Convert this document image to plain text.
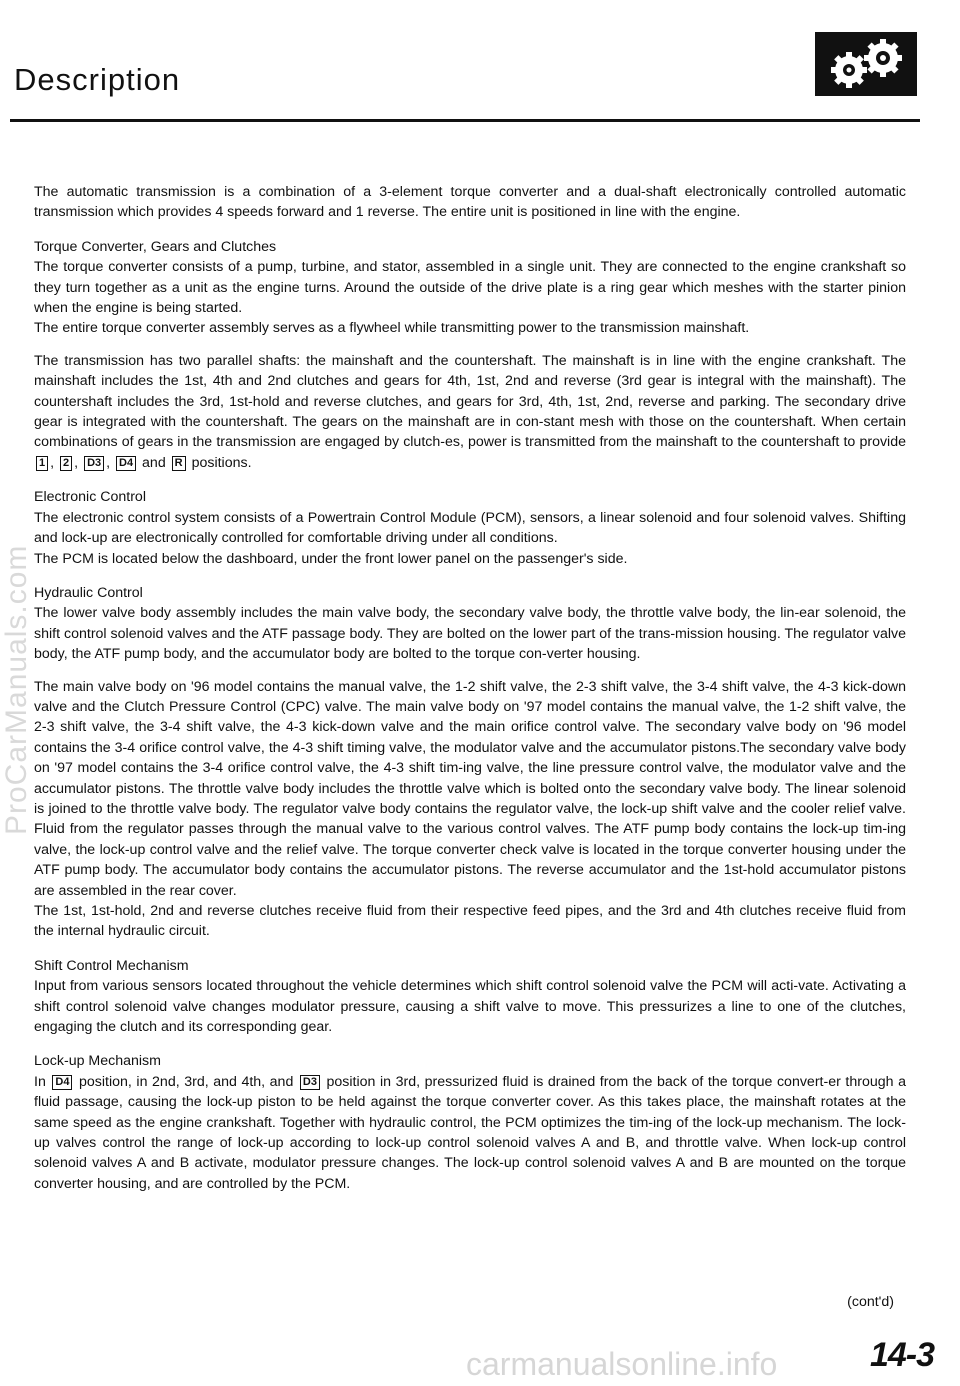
Description

The automatic transmission is a combination of a 3-element torque converter and a dual-shaft electronically controlled automatic transmission which provides 4 speeds forward and 1 reverse. The entire unit is positioned in line with the engine.

Torque Converter, Gears and Clutches

The torque converter consists of a pump, turbine, and stator, assembled in a single unit. They are connected to the engine crankshaft so they turn together as a unit as the engine turns. Around the outside of the drive plate is a ring gear which meshes with the starter pinion when the engine is being started.

The entire torque converter assembly serves as a flywheel while transmitting power to the transmission mainshaft.

The transmission has two parallel shafts: the mainshaft and the countershaft. The mainshaft is in line with the engine crankshaft. The mainshaft includes the 1st, 4th and 2nd clutches and gears for 4th, 1st, 2nd and reverse (3rd gear is integral with the mainshaft). The countershaft includes the 3rd, 1st-hold and reverse clutches, and gears for 3rd, 4th, 1st, 2nd, reverse and parking. The secondary drive gear is integrated with the countershaft. The gears on the mainshaft are in con-stant mesh with those on the countershaft. When certain combinations of gears in the transmission are engaged by clutch-es, power is transmitted from the mainshaft to the countershaft to provide 1 , 2 , D3 , D4 and R positions.

Electronic Control

The electronic control system consists of a Powertrain Control Module (PCM), sensors, a linear solenoid and four solenoid valves. Shifting and lock-up are electronically controlled for comfortable driving under all conditions.

The PCM is located below the dashboard, under the front lower panel on the passenger's side.

Hydraulic Control

The lower valve body assembly includes the main valve body, the secondary valve body, the throttle valve body, the lin-ear solenoid, the shift control solenoid valves and the ATF passage body. They are bolted on the lower part of the trans-mission housing. The regulator valve body, the ATF pump body, and the accumulator body are bolted to the torque con-verter housing.

The main valve body on '96 model contains the manual valve, the 1-2 shift valve, the 2-3 shift valve, the 3-4 shift valve, the 4-3 kick-down valve and the Clutch Pressure Control (CPC) valve. The main valve body on '97 model contains the manual valve, the 1-2 shift valve, the 2-3 shift valve, the 3-4 shift valve, the 4-3 kick-down valve and the main orifice control valve. The secondary valve body on '96 model contains the 3-4 orifice control valve, the 4-3 shift timing valve, the modulator valve and the accumulator pistons.The secondary valve body on '97 model contains the 3-4 orifice control valve, the 4-3 shift tim-ing valve, the line pressure control valve, the modulator valve and the accumulator pistons. The throttle valve body includes the throttle valve which is bolted onto the secondary valve body. The linear solenoid is joined to the throttle valve body. The regulator valve body contains the regulator valve, the lock-up shift valve and the cooler relief valve. Fluid from the regulator passes through the manual valve to the various control valves. The ATF pump body contains the lock-up tim-ing valve, the lock-up control valve and the relief valve. The torque converter check valve is located in the torque converter housing under the ATF pump body. The accumulator body contains the accumulator pistons. The reverse accumulator and the 1st-hold accumulator pistons are assembled in the rear cover.

The 1st, 1st-hold, 2nd and reverse clutches receive fluid from their respective feed pipes, and the 3rd and 4th clutches receive fluid from the internal hydraulic circuit.

Shift Control Mechanism

Input from various sensors located throughout the vehicle determines which shift control solenoid valve the PCM will acti-vate. Activating a shift control solenoid valve changes modulator pressure, causing a shift valve to move. This pressurizes a line to one of the clutches, engaging the clutch and its corresponding gear.

Lock-up Mechanism

In D4 position, in 2nd, 3rd, and 4th, and D3 position in 3rd, pressurized fluid is drained from the back of the torque convert-er through a fluid passage, causing the lock-up piston to be held against the torque converter cover. As this takes place, the mainshaft rotates at the same speed as the engine crankshaft. Together with hydraulic control, the PCM optimizes the tim-ing of the lock-up mechanism. The lock-up valves control the range of lock-up according to lock-up control solenoid valves A and B, and throttle valve. When lock-up control solenoid valves A and B activate, modulator pressure changes. The lock-up control solenoid valves A and B are mounted on the torque converter housing, and are controlled by the PCM.

(cont'd)
14-3
ProCarManuals.com
carmanualsonline.info
